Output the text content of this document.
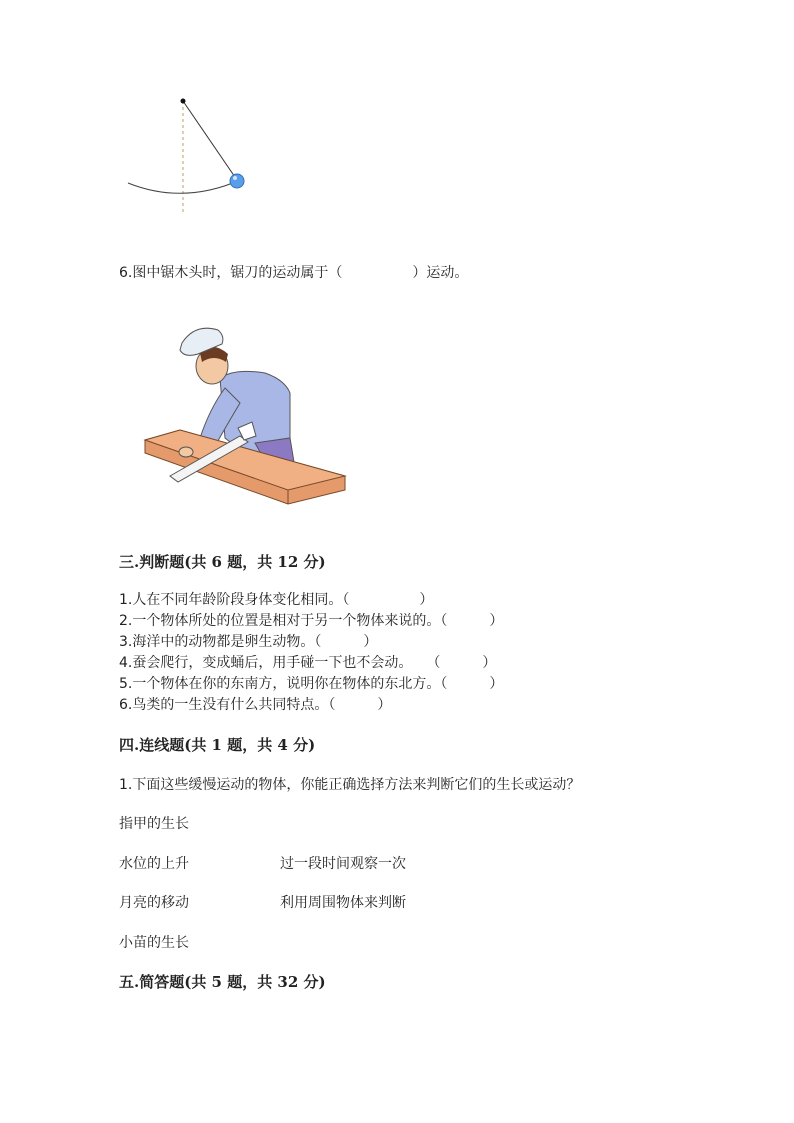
6.图中锯木头时，锯刀的运动属于（　　　　　）运动。
三.判断题(共 6 题，共 12 分)
1.人在不同年龄阶段身体变化相同。（　　　　　）
2.一个物体所处的位置是相对于另一个物体来说的。（　　　）
3.海洋中的动物都是卵生动物。（　　　）
4.蚕会爬行，变成蛹后，用手碰一下也不会动。　　（　　　）
5.一个物体在你的东南方，说明你在物体的东北方。（　　　）
6.鸟类的一生没有什么共同特点。（　　　）
四.连线题(共 1 题，共 4 分)
1.下面这些缓慢运动的物体，你能正确选择方法来判断它们的生长或运动？
指甲的生长
水位的上升	过一段时间观察一次
月亮的移动	利用周围物体来判断
小苗的生长
五.简答题(共 5 题，共 32 分)
